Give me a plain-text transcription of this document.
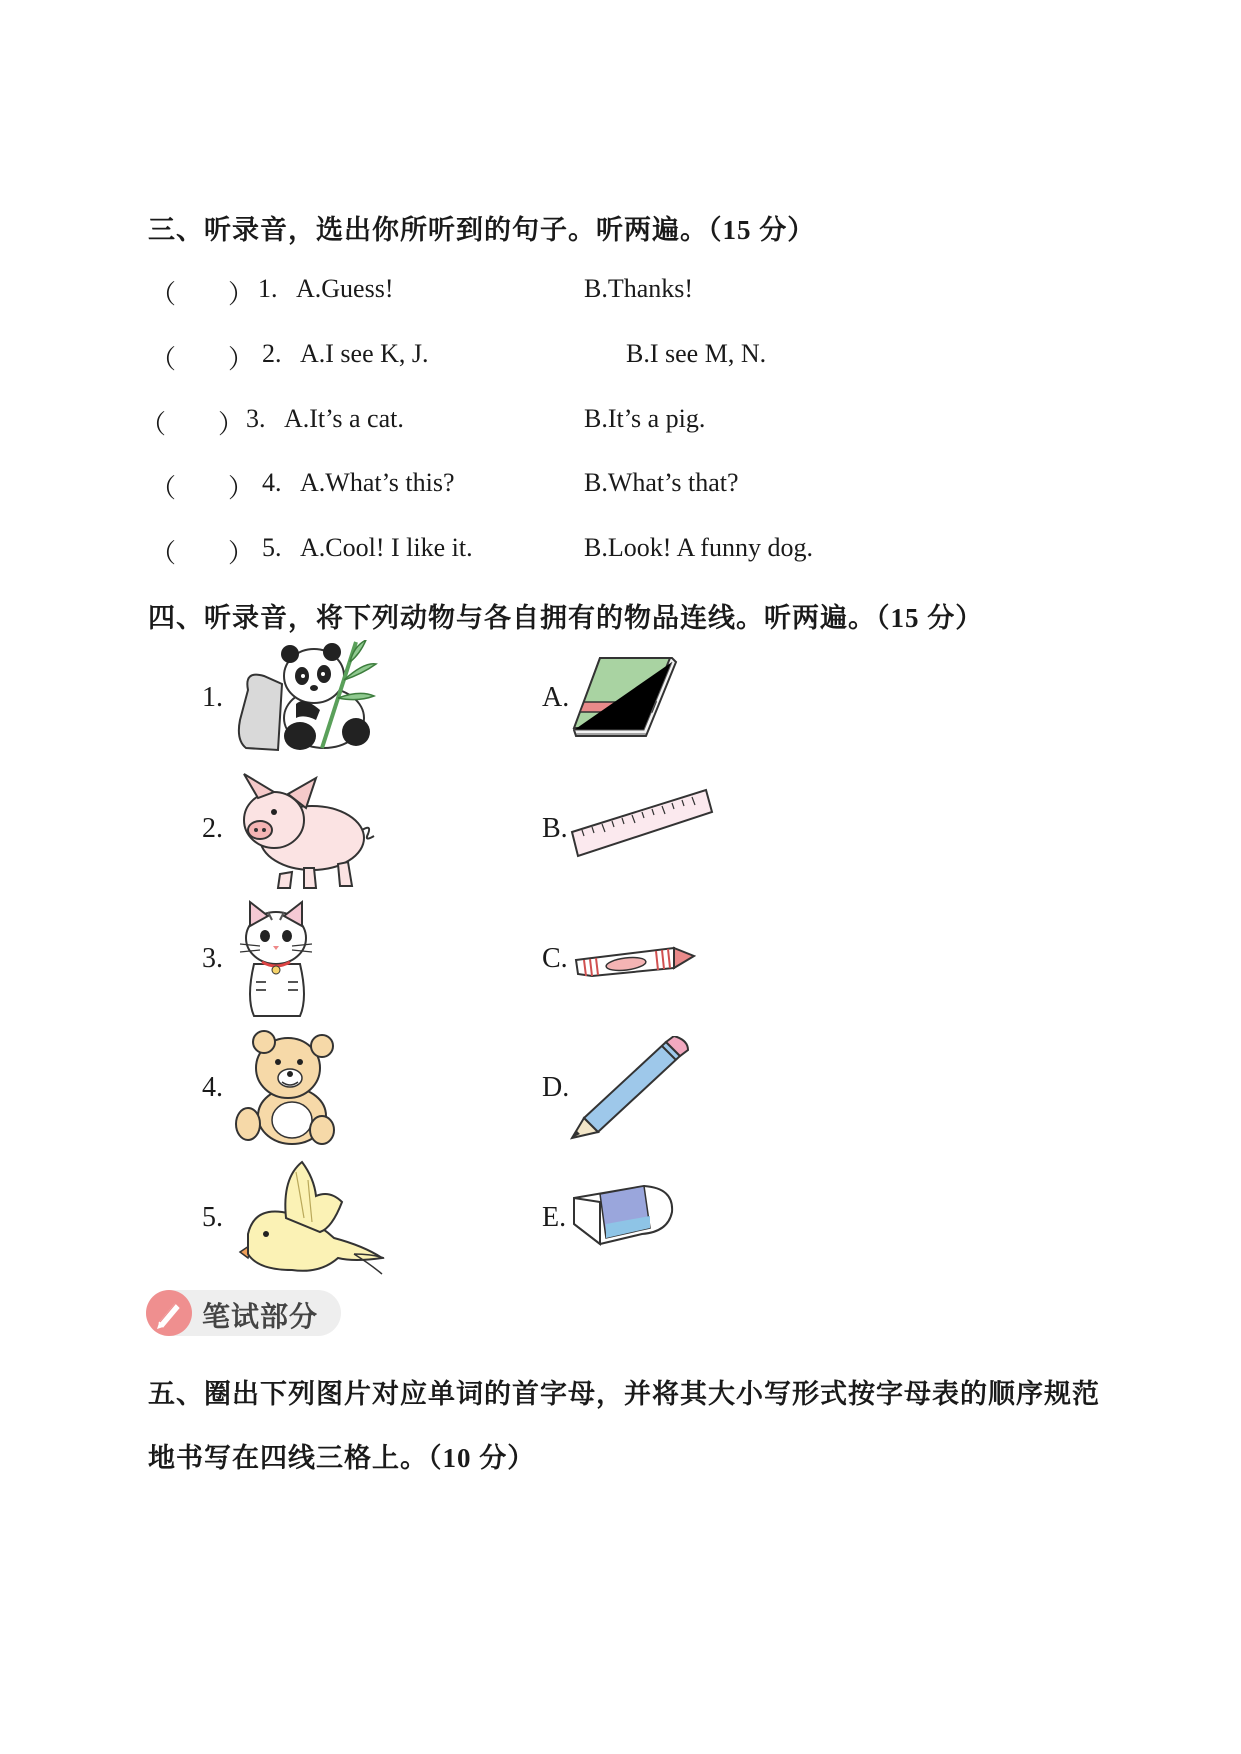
三、听录音，选出你所听到的句子。听两遍。（15 分）
（　　） 1. A.Guess!	B.Thanks!
（　　） 2. A.I see K, J.	B.I see M, N.
（　　） 3. A.It’s a cat.	B.It’s a pig.
（　　） 4. A.What’s this?	B.What’s that?
（　　） 5. A.Cool! I like it.	B.Look! A funny dog.
四、听录音，将下列动物与各自拥有的物品连线。听两遍。（15 分）
1.
2.
3.
4.
5.
A.
B.
C.
D.
E.
笔试部分
五、圈出下列图片对应单词的首字母，并将其大小写形式按字母表的顺序规范
地书写在四线三格上。（10 分）
